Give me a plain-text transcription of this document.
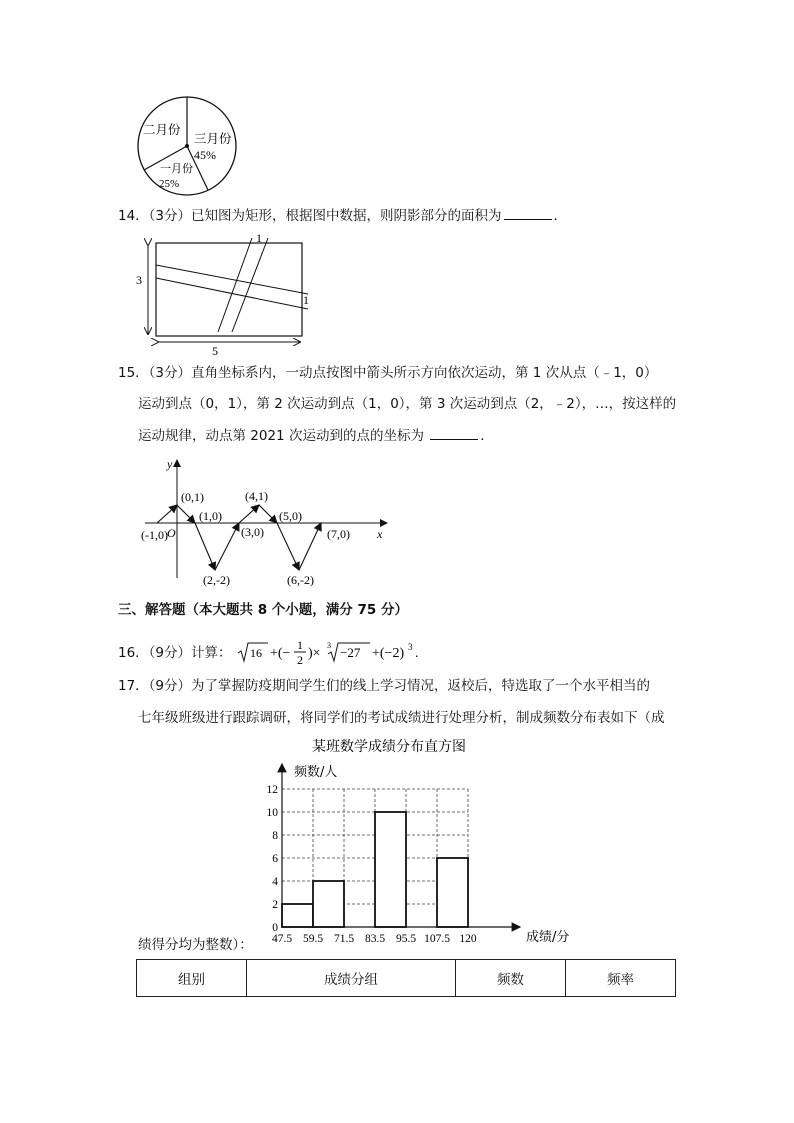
二月份
三月份
45%
一月份
25%
14．（3分）已知图为矩形，根据图中数据，则阴影部分的面积为	．
3
5
1
1
15．（3分）直角坐标系内，一动点按图中箭头所示方向依次运动，第 1 次从点（﹣1，0）
运动到点（0，1），第 2 次运动到点（1，0），第 3 次运动到点（2，﹣2），…，按这样的
运动规律，动点第 2021 次运动到的点的坐标为	．
y
x
O
(-1,0)
(0,1)
(1,0)
(2,-2)
(3,0)
(4,1)
(5,0)
(6,-2)
(7,0)
三、解答题（本大题共 8 个小题，满分 75 分）
16．（9分）计算： 16 +(−
1
2 )×
3 −27 +(−2) 3 .
17．（9分）为了掌握防疫期间学生们的线上学习情况，返校后，特选取了一个水平相当的
七年级班级进行跟踪调研，将同学们的考试成绩进行处理分析，制成频数分布表如下（成
某班数学成绩分布直方图
频数/人
成绩/分
0
2
4
6
8
10
12
47.5 59.5 71.5 83.5 95.5 107.5 120
绩得分均为整数）：
组别	成绩分组	频数	频率
